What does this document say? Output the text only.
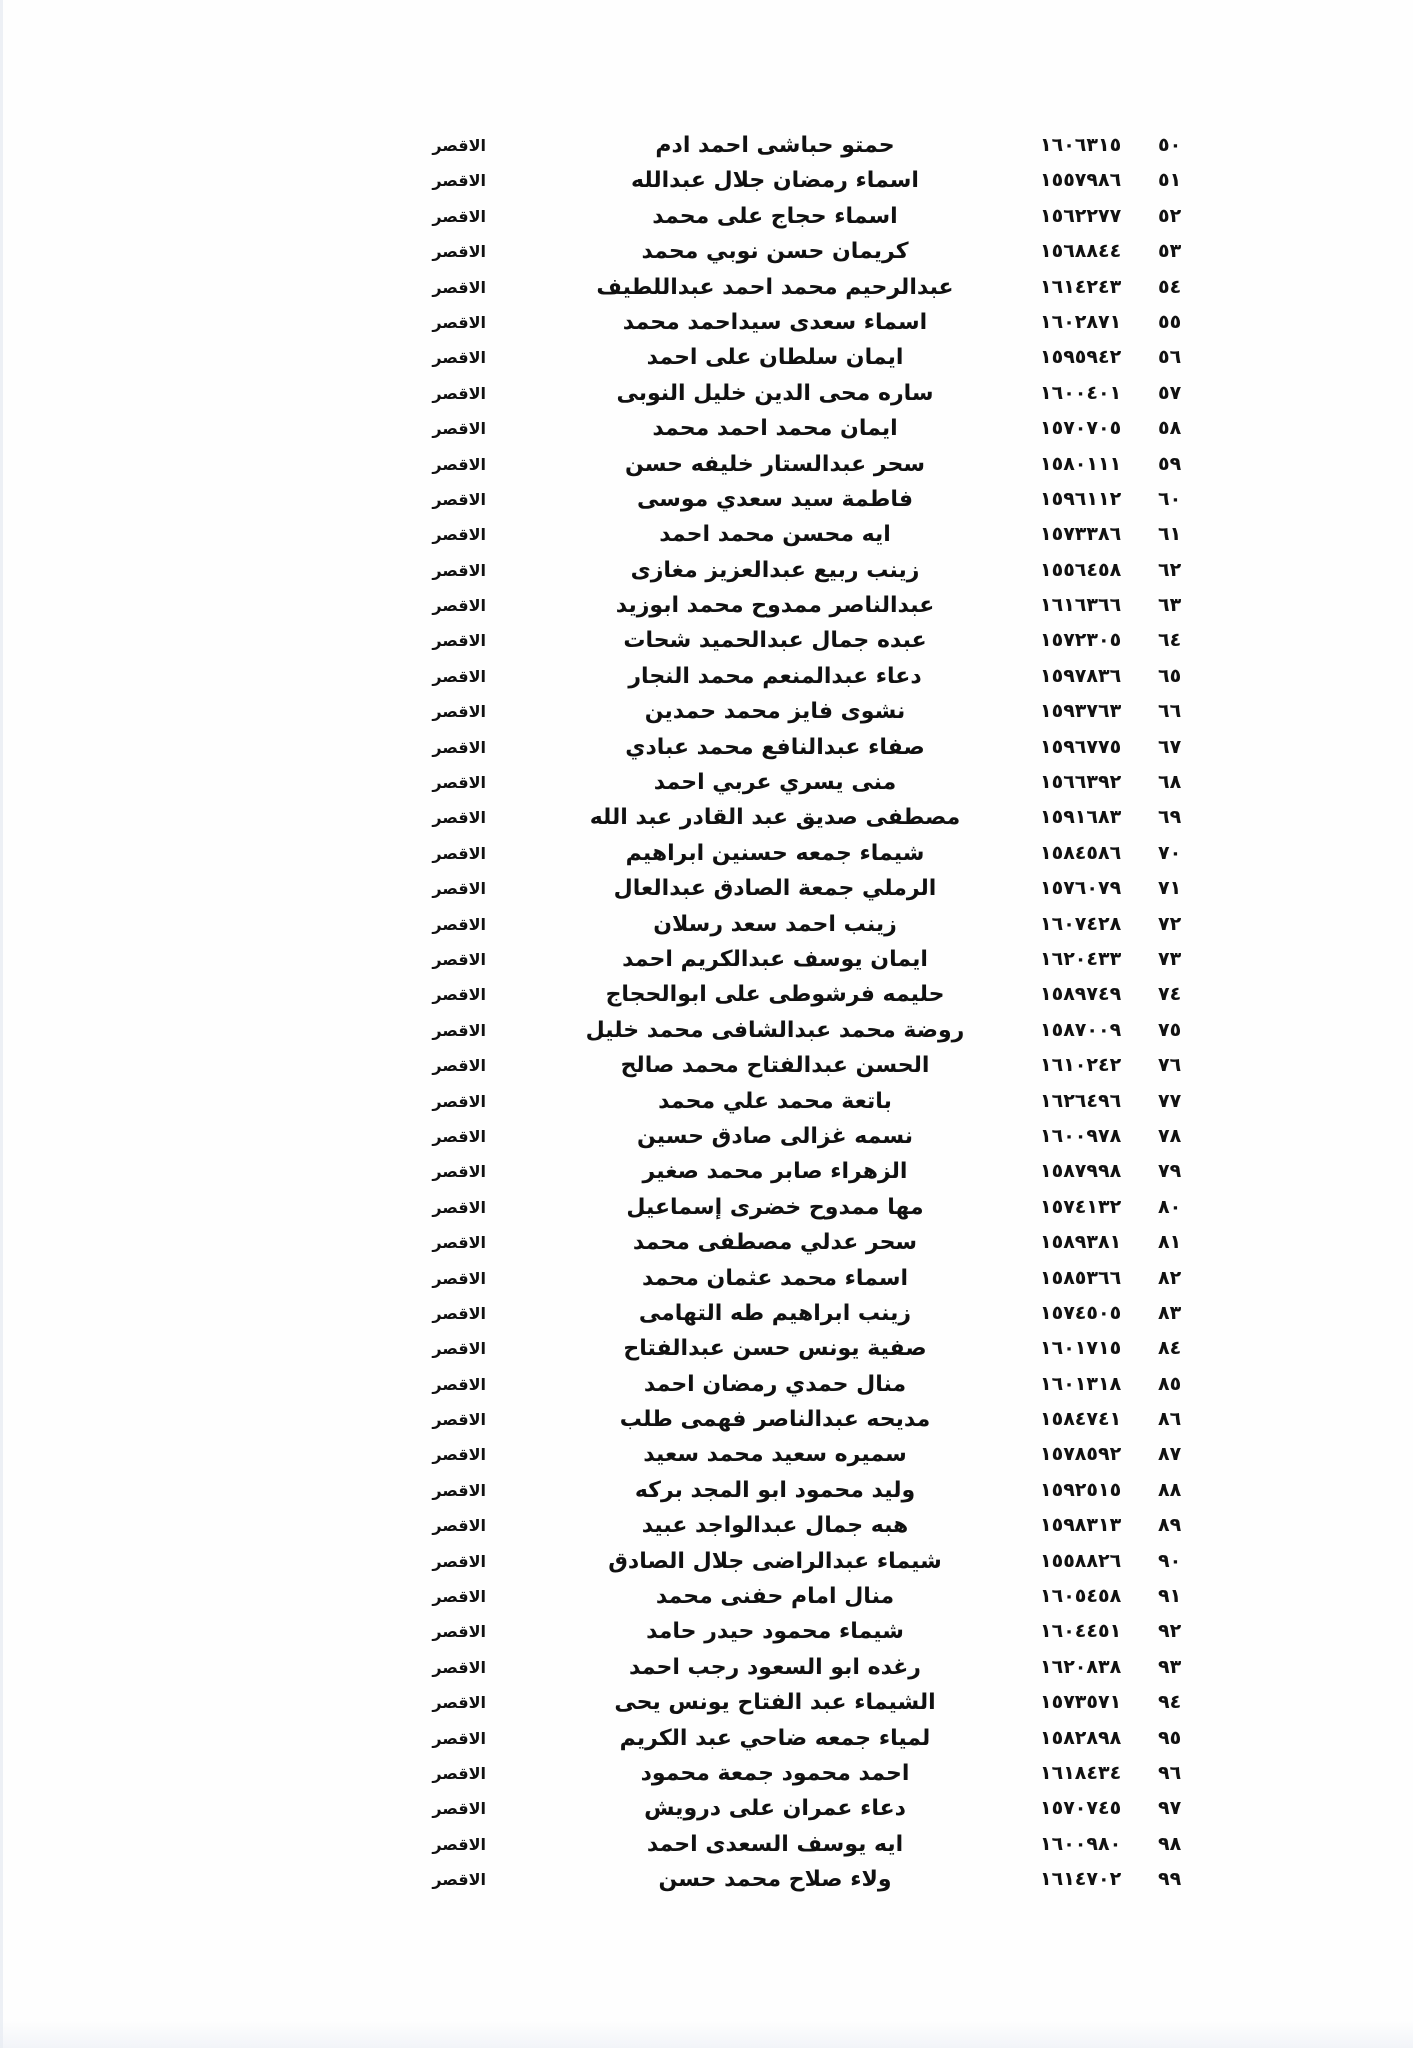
٥٠
١٦٠٦٣١٥
حمتو حباشى احمد ادم
الاقصر
٥١
١٥٥٧٩٨٦
اسماء رمضان جلال عبدالله
الاقصر
٥٢
١٥٦٢٢٧٧
اسماء حجاج على محمد
الاقصر
٥٣
١٥٦٨٨٤٤
كريمان حسن نوبي محمد
الاقصر
٥٤
١٦١٤٢٤٣
عبدالرحيم محمد احمد عبداللطيف
الاقصر
٥٥
١٦٠٢٨٧١
اسماء سعدى سيداحمد محمد
الاقصر
٥٦
١٥٩٥٩٤٢
ايمان سلطان على احمد
الاقصر
٥٧
١٦٠٠٤٠١
ساره محى الدين خليل النوبى
الاقصر
٥٨
١٥٧٠٧٠٥
ايمان محمد احمد محمد
الاقصر
٥٩
١٥٨٠١١١
سحر عبدالستار خليفه حسن
الاقصر
٦٠
١٥٩٦١١٢
فاطمة سيد سعدي موسى
الاقصر
٦١
١٥٧٣٣٨٦
ايه محسن محمد احمد
الاقصر
٦٢
١٥٥٦٤٥٨
زينب ربيع عبدالعزيز مغازى
الاقصر
٦٣
١٦١٦٣٦٦
عبدالناصر ممدوح محمد ابوزيد
الاقصر
٦٤
١٥٧٢٣٠٥
عبده جمال عبدالحميد شحات
الاقصر
٦٥
١٥٩٧٨٣٦
دعاء عبدالمنعم محمد النجار
الاقصر
٦٦
١٥٩٣٧٦٣
نشوى فايز محمد حمدين
الاقصر
٦٧
١٥٩٦٧٧٥
صفاء عبدالنافع محمد عبادي
الاقصر
٦٨
١٥٦٦٣٩٢
منى يسري عربي احمد
الاقصر
٦٩
١٥٩١٦٨٣
مصطفى صديق عبد القادر عبد الله
الاقصر
٧٠
١٥٨٤٥٨٦
شيماء جمعه حسنين ابراهيم
الاقصر
٧١
١٥٧٦٠٧٩
الرملي جمعة الصادق عبدالعال
الاقصر
٧٢
١٦٠٧٤٢٨
زينب احمد سعد رسلان
الاقصر
٧٣
١٦٢٠٤٣٣
ايمان يوسف عبدالكريم احمد
الاقصر
٧٤
١٥٨٩٧٤٩
حليمه فرشوطى على ابوالحجاج
الاقصر
٧٥
١٥٨٧٠٠٩
روضة محمد عبدالشافى محمد خليل
الاقصر
٧٦
١٦١٠٢٤٢
الحسن عبدالفتاح محمد صالح
الاقصر
٧٧
١٦٢٦٤٩٦
باتعة محمد علي محمد
الاقصر
٧٨
١٦٠٠٩٧٨
نسمه غزالى صادق حسين
الاقصر
٧٩
١٥٨٧٩٩٨
الزهراء صابر محمد صغير
الاقصر
٨٠
١٥٧٤١٣٢
مها ممدوح خضرى إسماعيل
الاقصر
٨١
١٥٨٩٣٨١
سحر عدلي مصطفى محمد
الاقصر
٨٢
١٥٨٥٣٦٦
اسماء محمد عثمان محمد
الاقصر
٨٣
١٥٧٤٥٠٥
زينب ابراهيم طه التهامى
الاقصر
٨٤
١٦٠١٧١٥
صفية يونس حسن عبدالفتاح
الاقصر
٨٥
١٦٠١٣١٨
منال حمدي رمضان احمد
الاقصر
٨٦
١٥٨٤٧٤١
مديحه عبدالناصر فهمى طلب
الاقصر
٨٧
١٥٧٨٥٩٢
سميره سعيد محمد سعيد
الاقصر
٨٨
١٥٩٢٥١٥
وليد محمود ابو المجد بركه
الاقصر
٨٩
١٥٩٨٣١٣
هبه جمال عبدالواجد عبيد
الاقصر
٩٠
١٥٥٨٨٢٦
شيماء عبدالراضى جلال الصادق
الاقصر
٩١
١٦٠٥٤٥٨
منال امام حفنى محمد
الاقصر
٩٢
١٦٠٤٤٥١
شيماء محمود حيدر حامد
الاقصر
٩٣
١٦٢٠٨٣٨
رغده ابو السعود رجب احمد
الاقصر
٩٤
١٥٧٣٥٧١
الشيماء عبد الفتاح يونس يحى
الاقصر
٩٥
١٥٨٢٨٩٨
لمياء جمعه ضاحي عبد الكريم
الاقصر
٩٦
١٦١٨٤٣٤
احمد محمود جمعة محمود
الاقصر
٩٧
١٥٧٠٧٤٥
دعاء عمران على درويش
الاقصر
٩٨
١٦٠٠٩٨٠
ايه يوسف السعدى احمد
الاقصر
٩٩
١٦١٤٧٠٢
ولاء صلاح محمد حسن
الاقصر
